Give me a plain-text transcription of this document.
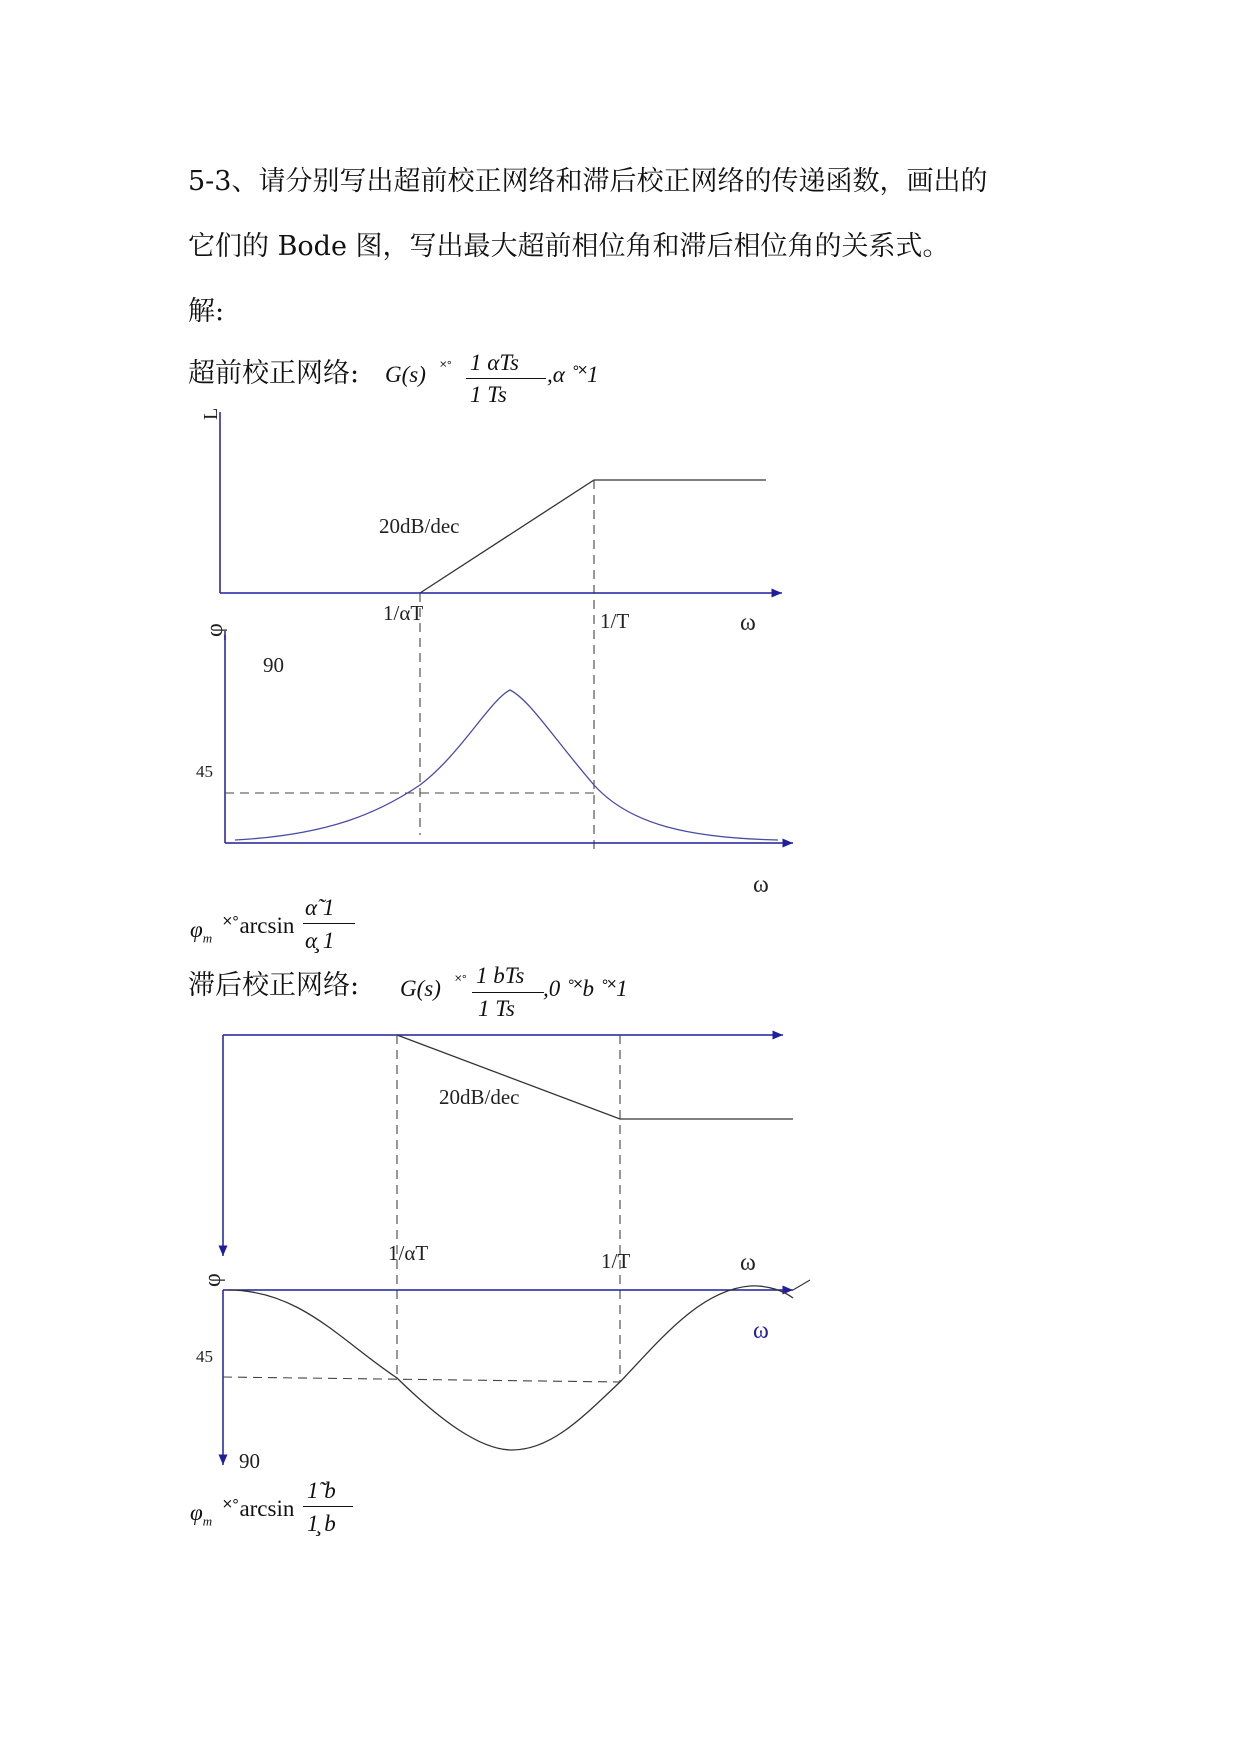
5-3、请分别写出超前校正网络和滞后校正网络的传递函数，画出的
它们的 Bode 图，写出最大超前相位角和滞后相位角的关系式。
解:
超前校正网络: G(s) ˟˚ 1 αTs
1 Ts
,α ˚˟1
L
20dB/dec
1/αT	1/T	ω
φ
90
45
ω
20dB/dec
1/αT	1/T	ω
φ
45
90
ω
$\varphi_m$
˟˚arcsin
α̃ 1
α̧ 1
滞后校正网络: G(s) ˟˚ 1 bTs
1 Ts
,0 ˚˟b ˚˟1
$\varphi_m$
˟˚arcsin
1̃ b
1̧ b
